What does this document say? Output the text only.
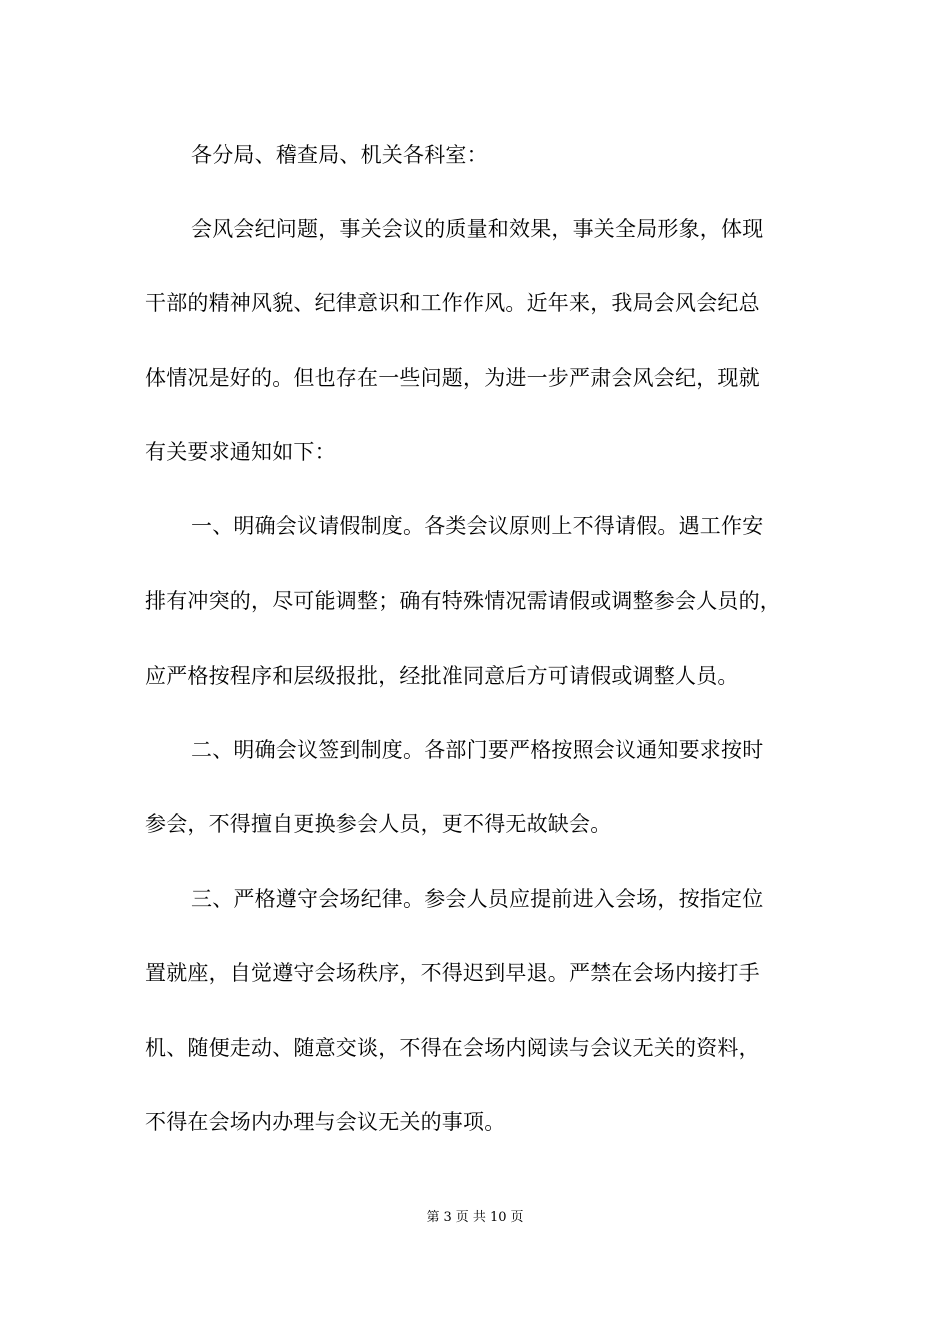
各分局、稽查局、机关各科室：
会风会纪问题，事关会议的质量和效果，事关全局形象，体现
干部的精神风貌、纪律意识和工作作风。近年来，我局会风会纪总
体情况是好的。但也存在一些问题，为进一步严肃会风会纪，现就
有关要求通知如下：
一、明确会议请假制度。各类会议原则上不得请假。遇工作安
排有冲突的，尽可能调整；确有特殊情况需请假或调整参会人员的，
应严格按程序和层级报批，经批准同意后方可请假或调整人员。
二、明确会议签到制度。各部门要严格按照会议通知要求按时
参会，不得擅自更换参会人员，更不得无故缺会。
三、严格遵守会场纪律。参会人员应提前进入会场，按指定位
置就座，自觉遵守会场秩序，不得迟到早退。严禁在会场内接打手
机、随便走动、随意交谈，不得在会场内阅读与会议无关的资料，
不得在会场内办理与会议无关的事项。
第 3 页 共 10 页
